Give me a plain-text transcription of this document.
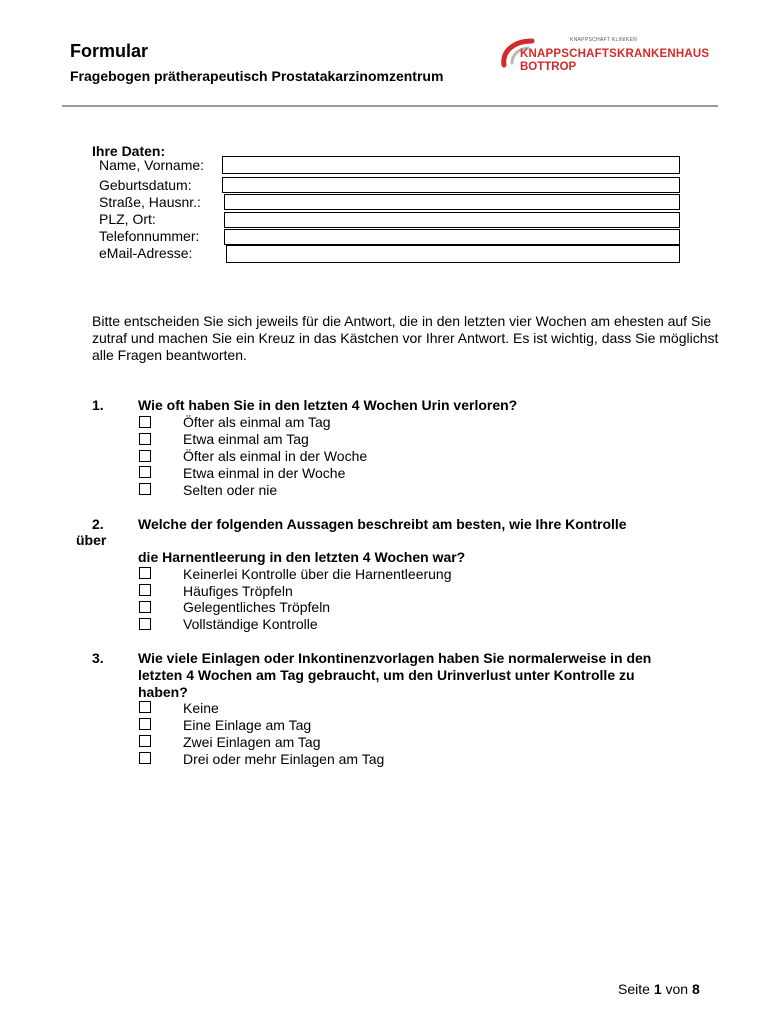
Formular
Fragebogen prätherapeutisch Prostatakarzinomzentrum
KNAPPSCHAFT KLINIKEN
KNAPPSCHAFTSKRANKENHAUS
BOTTROP
Ihre Daten:
Name, Vorname:
Geburtsdatum:
Straße, Hausnr.:
PLZ, Ort:
Telefonnummer:
eMail-Adresse:
Bitte entscheiden Sie sich jeweils für die Antwort, die in den letzten vier Wochen am ehesten auf Sie zutraf und machen Sie ein Kreuz in das Kästchen vor Ihrer Antwort. Es ist wichtig, dass Sie möglichst alle Fragen beantworten.
1. Wie oft haben Sie in den letzten 4 Wochen Urin verloren?
Öfter als einmal am Tag
Etwa einmal am Tag
Öfter als einmal in der Woche
Etwa einmal in der Woche
Selten oder nie
2. Welche der folgenden Aussagen beschreibt am besten, wie Ihre Kontrolle
über
die Harnentleerung in den letzten 4 Wochen war?
Keinerlei Kontrolle über die Harnentleerung
Häufiges Tröpfeln
Gelegentliches Tröpfeln
Vollständige Kontrolle
3. Wie viele Einlagen oder Inkontinenzvorlagen haben Sie normalerweise in den
letzten 4 Wochen am Tag gebraucht, um den Urinverlust unter Kontrolle zu
haben?
Keine
Eine Einlage am Tag
Zwei Einlagen am Tag
Drei oder mehr Einlagen am Tag
Seite 1 von 8
